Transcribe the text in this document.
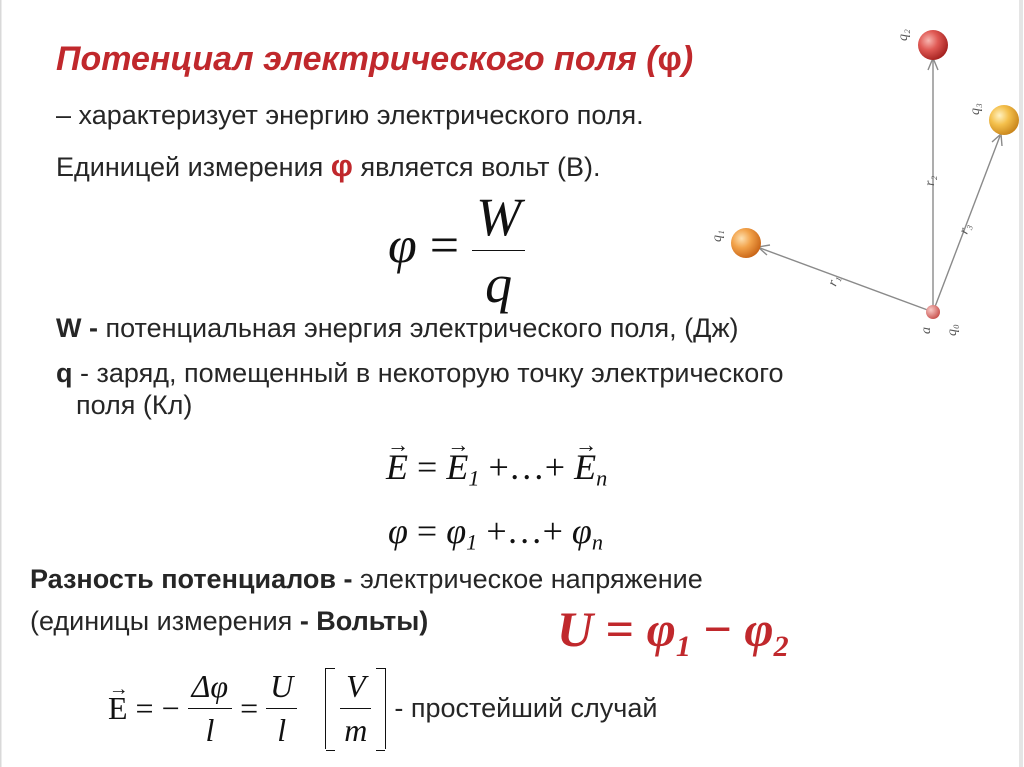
Потенциал электрического поля (φ)
– характеризует энергию электрического поля.
Единицей измерения φ является вольт (В).
$\varphi = \frac{W}{q}$
W - потенциальная энергия электрического поля, (Дж)
q - заряд, помещенный в некоторую точку электрического
поля (Кл)
→ E = → $E_1$ +…+ → $E_n$
$\varphi = \varphi_1$ +…+ $\varphi_n$
Разность потенциалов - электрическое напряжение
(единицы измерения - Вольты)	$U = \varphi_1 - \varphi_2$
→ E = − $\frac{\Delta\varphi}{l} = \frac{U}{l} \frac{V}{m}$ - простейший случай
q₂
q₃
q₁
q₀
a
r₂
r₃
r₁
